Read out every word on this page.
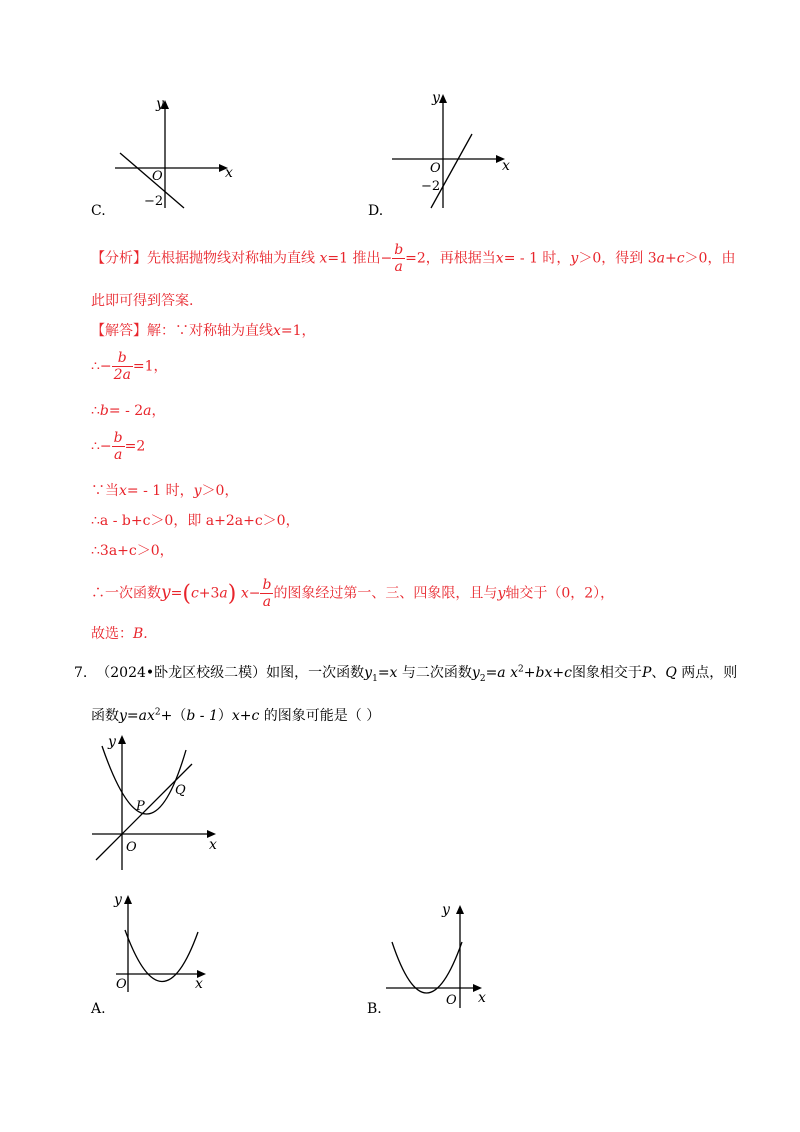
y
x
O
−2
C.
y
x
O
−2
D.
【分析】先根据抛物线对称轴为直线 x=1 推出− $\frac{b}{a} =2$，再根据当x= - 1 时，y＞0，得到 3a+c＞0，由
此即可得到答案.
【解答】解：∵对称轴为直线x=1，
∴− $\frac{b}{2a} =1$，
∴b= - 2a，
∴− $\frac{b}{a} =2$
∵当x= - 1 时，y＞0，
∴a - b+c＞0，即 a+2a+c＞0，
∴3a+c＞0，
∴一次函数y=(c+3a) $x- \frac{b}{a}$ 的图象经过第一、三、四象限，且与y轴交于（0，2），
故选：B.
7. （2024•卧龙区校级二模）如图，一次函数$y_1=x$ 与二次函数$y_2=a$ $x^2+bx+c$图象相交于P、Q 两点，则
函数$y=ax^2+(b - 1)x+c$ 的图象可能是（ ）
y
x
O
P
Q
y
x
O
A.
y
x
O
B.
